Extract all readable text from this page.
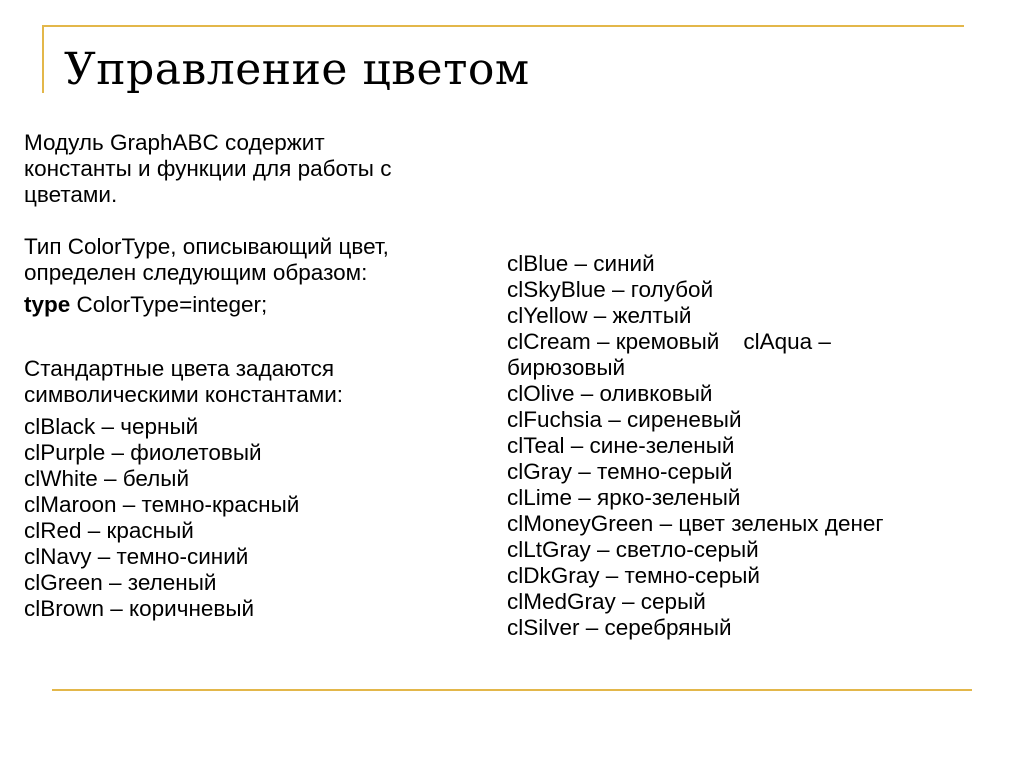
Управление цветом
Модуль GraphABC содержит
константы и функции для работы с
цветами.
Тип ColorType, описывающий цвет,
определен следующим образом:
type ColorType=integer;
Стандартные цвета задаются
символическими константами:
clBlack – черный
clPurple – фиолетовый
clWhite – белый
clMaroon – темно-красный
clRed – красный
clNavy – темно-синий
clGreen – зеленый
clBrown – коричневый
clBlue – синий
clSkyBlue – голубой
clYellow – желтый
clCream – кремовый clAqua –
бирюзовый
clOlive – оливковый
clFuchsia – сиреневый
clTeal – сине-зеленый
clGray – темно-серый
clLime – ярко-зеленый
clMoneyGreen – цвет зеленых денег
clLtGray – светло-серый
clDkGray – темно-серый
clMedGray – серый
clSilver – серебряный
